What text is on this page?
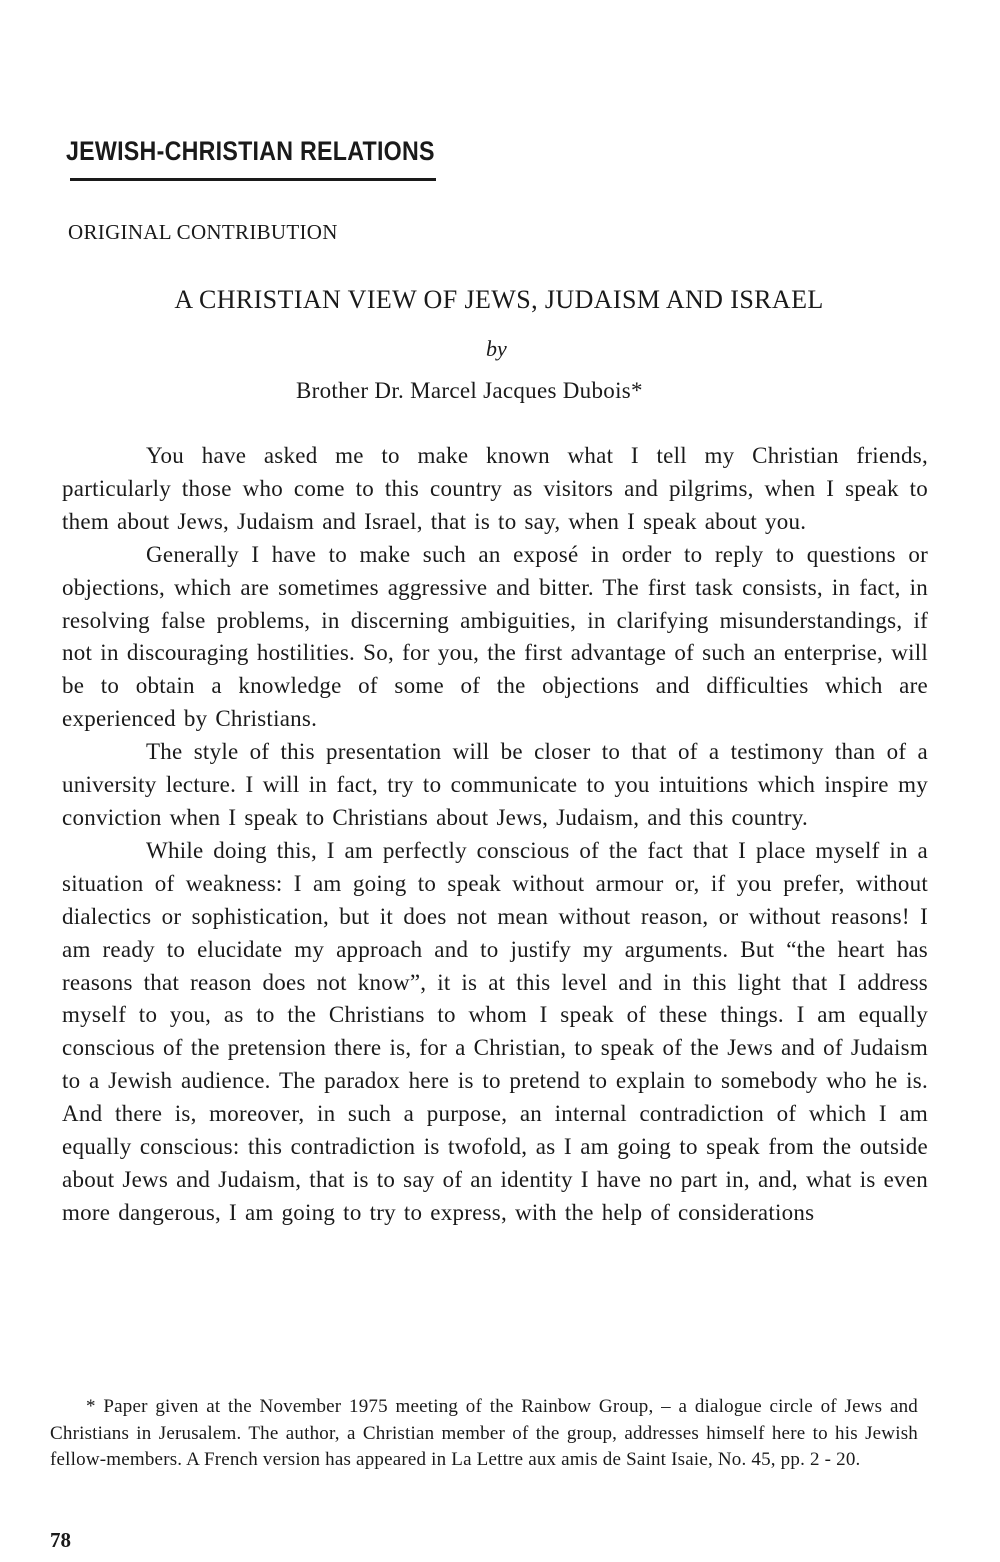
JEWISH-CHRISTIAN RELATIONS
ORIGINAL CONTRIBUTION
A CHRISTIAN VIEW OF JEWS, JUDAISM AND ISRAEL
by
Brother Dr. Marcel Jacques Dubois*

You have asked me to make known what I tell my Christian friends, particularly those who come to this country as visitors and pilgrims, when I speak to them about Jews, Judaism and Israel, that is to say, when I speak about you.

Generally I have to make such an exposé in order to reply to questions or objections, which are sometimes aggressive and bitter. The first task consists, in fact, in resolving false problems, in discerning ambiguities, in clarifying misunderstandings, if not in discouraging hostilities. So, for you, the first advantage of such an enterprise, will be to obtain a knowledge of some of the objections and difficulties which are experienced by Christians.

The style of this presentation will be closer to that of a testimony than of a university lecture. I will in fact, try to communicate to you intuitions which inspire my conviction when I speak to Christians about Jews, Judaism, and this country.

While doing this, I am perfectly conscious of the fact that I place myself in a situation of weakness: I am going to speak without armour or, if you prefer, without dialectics or sophistication, but it does not mean without reason, or without reasons! I am ready to elucidate my approach and to justify my arguments. But “the heart has reasons that reason does not know”, it is at this level and in this light that I address myself to you, as to the Christians to whom I speak of these things. I am equally conscious of the pretension there is, for a Christian, to speak of the Jews and of Judaism to a Jewish audience. The paradox here is to pretend to explain to somebody who he is. And there is, moreover, in such a purpose, an internal contradiction of which I am equally conscious: this contradiction is twofold, as I am going to speak from the outside about Jews and Judaism, that is to say of an identity I have no part in, and, what is even more dangerous, I am going to try to express, with the help of considerations

* Paper given at the November 1975 meeting of the Rainbow Group, – a dialogue circle of Jews and Christians in Jerusalem. The author, a Christian member of the group, addresses himself here to his Jewish fellow-members. A French version has appeared in La Lettre aux amis de Saint Isaie, No. 45, pp. 2 - 20.

78
